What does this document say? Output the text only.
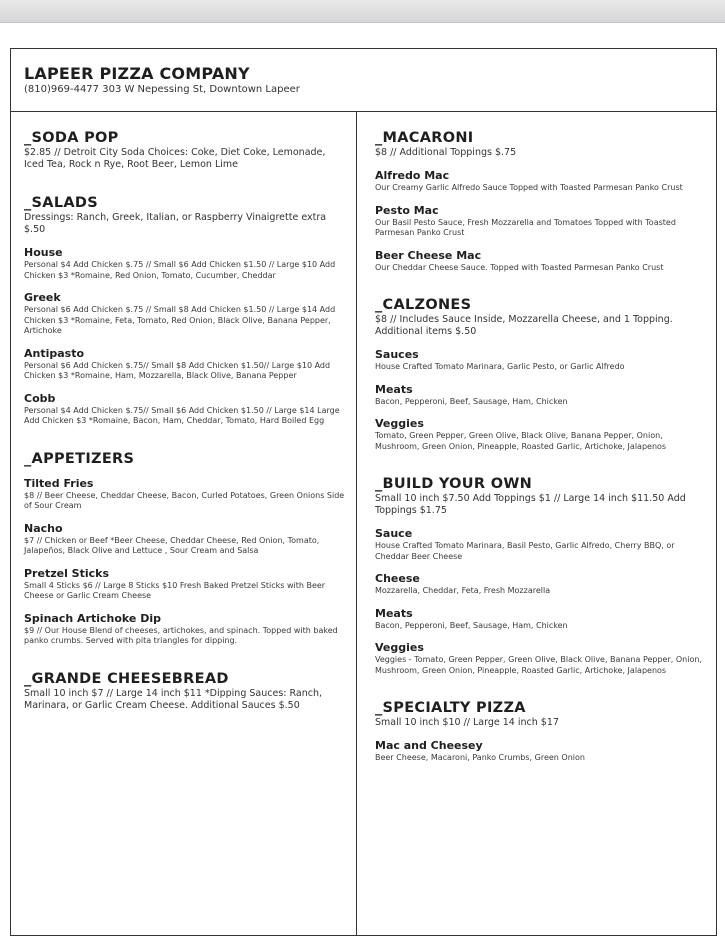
LAPEER PIZZA COMPANY
(810)969-4477 303 W Nepessing St, Downtown Lapeer
_SODA POP
$2.85 // Detroit City Soda Choices: Coke, Diet Coke, Lemonade, Iced Tea, Rock n Rye, Root Beer, Lemon Lime
_SALADS
Dressings: Ranch, Greek, Italian, or Raspberry Vinaigrette extra $.50
House
Personal $4 Add Chicken $.75 // Small $6 Add Chicken $1.50 // Large $10 Add Chicken $3 *Romaine, Red Onion, Tomato, Cucumber, Cheddar
Greek
Personal $6 Add Chicken $.75 // Small $8 Add Chicken $1.50 // Large $14 Add Chicken $3 *Romaine, Feta, Tomato, Red Onion, Black Olive, Banana Pepper, Artichoke
Antipasto
Personal $6 Add Chicken $.75// Small $8 Add Chicken $1.50// Large $10 Add Chicken $3 *Romaine, Ham, Mozzarella, Black Olive, Banana Pepper
Cobb
Personal $4 Add Chicken $.75// Small $6 Add Chicken $1.50 // Large $14 Large Add Chicken $3 *Romaine, Bacon, Ham, Cheddar, Tomato, Hard Boiled Egg
_APPETIZERS
Tilted Fries
$8 // Beer Cheese, Cheddar Cheese, Bacon, Curled Potatoes, Green Onions Side of Sour Cream
Nacho
$7 // Chicken or Beef *Beer Cheese, Cheddar Cheese, Red Onion, Tomato, Jalapeños, Black Olive and Lettuce , Sour Cream and Salsa
Pretzel Sticks
Small 4 Sticks $6 // Large 8 Sticks $10 Fresh Baked Pretzel Sticks with Beer Cheese or Garlic Cream Cheese
Spinach Artichoke Dip
$9 // Our House Blend of cheeses, artichokes, and spinach. Topped with baked panko crumbs. Served with pita triangles for dipping.
_GRANDE CHEESEBREAD
Small 10 inch $7 // Large 14 inch $11 *Dipping Sauces: Ranch, Marinara, or Garlic Cream Cheese. Additional Sauces $.50
_MACARONI
$8 // Additional Toppings $.75
Alfredo Mac
Our Creamy Garlic Alfredo Sauce Topped with Toasted Parmesan Panko Crust
Pesto Mac
Our Basil Pesto Sauce, Fresh Mozzarella and Tomatoes Topped with Toasted Parmesan Panko Crust
Beer Cheese Mac
Our Cheddar Cheese Sauce. Topped with Toasted Parmesan Panko Crust
_CALZONES
$8 // Includes Sauce Inside, Mozzarella Cheese, and 1 Topping. Additional items $.50
Sauces
House Crafted Tomato Marinara, Garlic Pesto, or Garlic Alfredo
Meats
Bacon, Pepperoni, Beef, Sausage, Ham, Chicken
Veggies
Tomato, Green Pepper, Green Olive, Black Olive, Banana Pepper, Onion, Mushroom, Green Onion, Pineapple, Roasted Garlic, Artichoke, Jalapenos
_BUILD YOUR OWN
Small 10 inch $7.50 Add Toppings $1 // Large 14 inch $11.50 Add Toppings $1.75
Sauce
House Crafted Tomato Marinara, Basil Pesto, Garlic Alfredo, Cherry BBQ, or Cheddar Beer Cheese
Cheese
Mozzarella, Cheddar, Feta, Fresh Mozzarella
Meats
Bacon, Pepperoni, Beef, Sausage, Ham, Chicken
Veggies
Veggies - Tomato, Green Pepper, Green Olive, Black Olive, Banana Pepper, Onion, Mushroom, Green Onion, Pineapple, Roasted Garlic, Artichoke, Jalapenos
_SPECIALTY PIZZA
Small 10 inch $10 // Large 14 inch $17
Mac and Cheesey
Beer Cheese, Macaroni, Panko Crumbs, Green Onion
